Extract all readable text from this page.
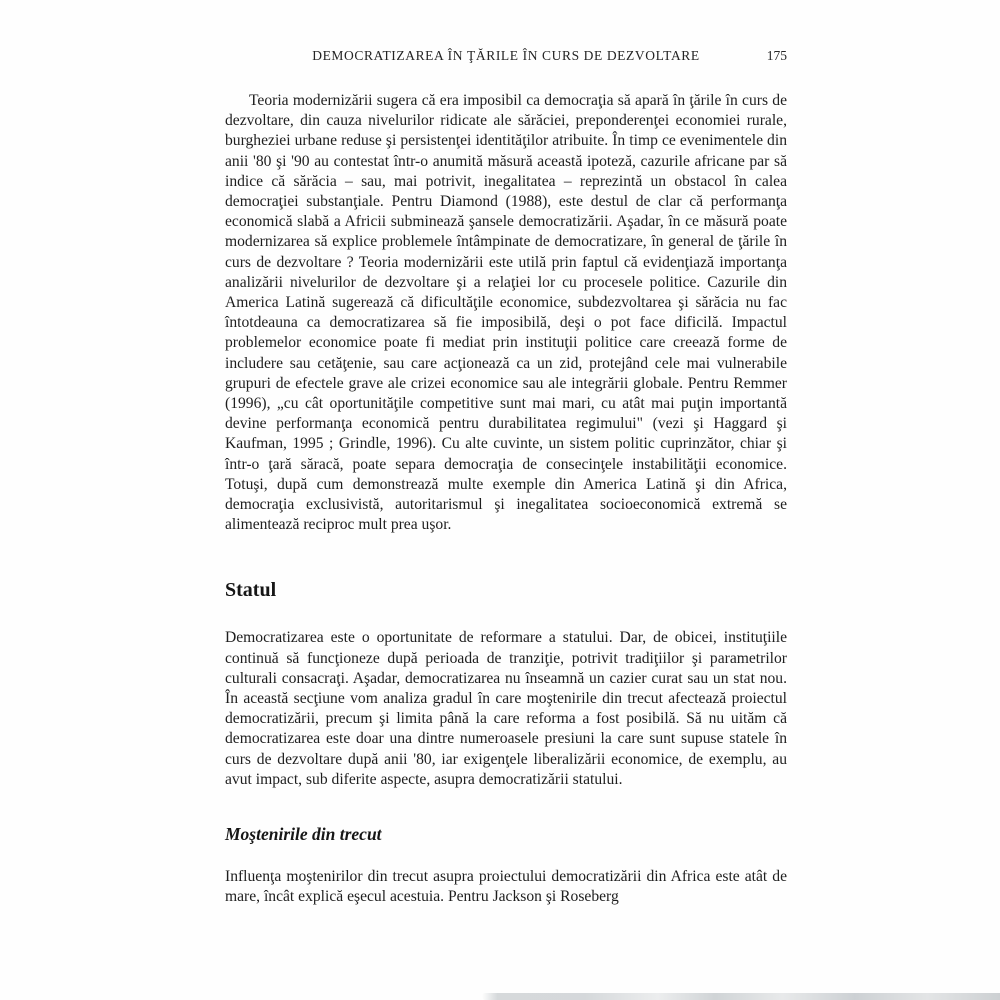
DEMOCRATIZAREA ÎN ŢĂRILE ÎN CURS DE DEZVOLTARE	175

Teoria modernizării sugera că era imposibil ca democraţia să apară în ţările în curs de dezvoltare, din cauza nivelurilor ridicate ale sărăciei, preponderenţei economiei rurale, burgheziei urbane reduse şi persistenţei identităţilor atribuite. În timp ce evenimentele din anii '80 şi '90 au contestat într-o anumită măsură această ipoteză, cazurile africane par să indice că sărăcia – sau, mai potrivit, inegalitatea – reprezintă un obstacol în calea democraţiei substanţiale. Pentru Diamond (1988), este destul de clar că performanţa economică slabă a Africii subminează şansele democratizării. Aşadar, în ce măsură poate modernizarea să explice problemele întâmpinate de democratizare, în general de ţările în curs de dezvoltare ? Teoria modernizării este utilă prin faptul că evidenţiază importanţa analizării nivelurilor de dezvoltare şi a relaţiei lor cu procesele politice. Cazurile din America Latină sugerează că dificultăţile economice, subdezvoltarea şi sărăcia nu fac întotdeauna ca democratizarea să fie imposibilă, deşi o pot face dificilă. Impactul problemelor economice poate fi mediat prin instituţii politice care creează forme de includere sau cetăţenie, sau care acţionează ca un zid, protejând cele mai vulnerabile grupuri de efectele grave ale crizei economice sau ale integrării globale. Pentru Remmer (1996), „cu cât oportunităţile competitive sunt mai mari, cu atât mai puţin importantă devine performanţa economică pentru durabilitatea regimului" (vezi şi Haggard şi Kaufman, 1995 ; Grindle, 1996). Cu alte cuvinte, un sistem politic cuprinzător, chiar şi într-o ţară săracă, poate separa democraţia de consecinţele instabilităţii economice. Totuşi, după cum demonstrează multe exemple din America Latină şi din Africa, democraţia exclusivistă, autoritarismul şi inegalitatea socioeconomică extremă se alimentează reciproc mult prea uşor.

Statul

Democratizarea este o oportunitate de reformare a statului. Dar, de obicei, instituţiile continuă să funcţioneze după perioada de tranziţie, potrivit tradiţiilor şi parametrilor culturali consacraţi. Aşadar, democratizarea nu înseamnă un cazier curat sau un stat nou. În această secţiune vom analiza gradul în care moştenirile din trecut afectează proiectul democratizării, precum şi limita până la care reforma a fost posibilă. Să nu uităm că democratizarea este doar una dintre numeroasele presiuni la care sunt supuse statele în curs de dezvoltare după anii '80, iar exigenţele liberalizării economice, de exemplu, au avut impact, sub diferite aspecte, asupra democratizării statului.

Moştenirile din trecut

Influenţa moştenirilor din trecut asupra proiectului democratizării din Africa este atât de mare, încât explică eşecul acestuia. Pentru Jackson şi Roseberg
